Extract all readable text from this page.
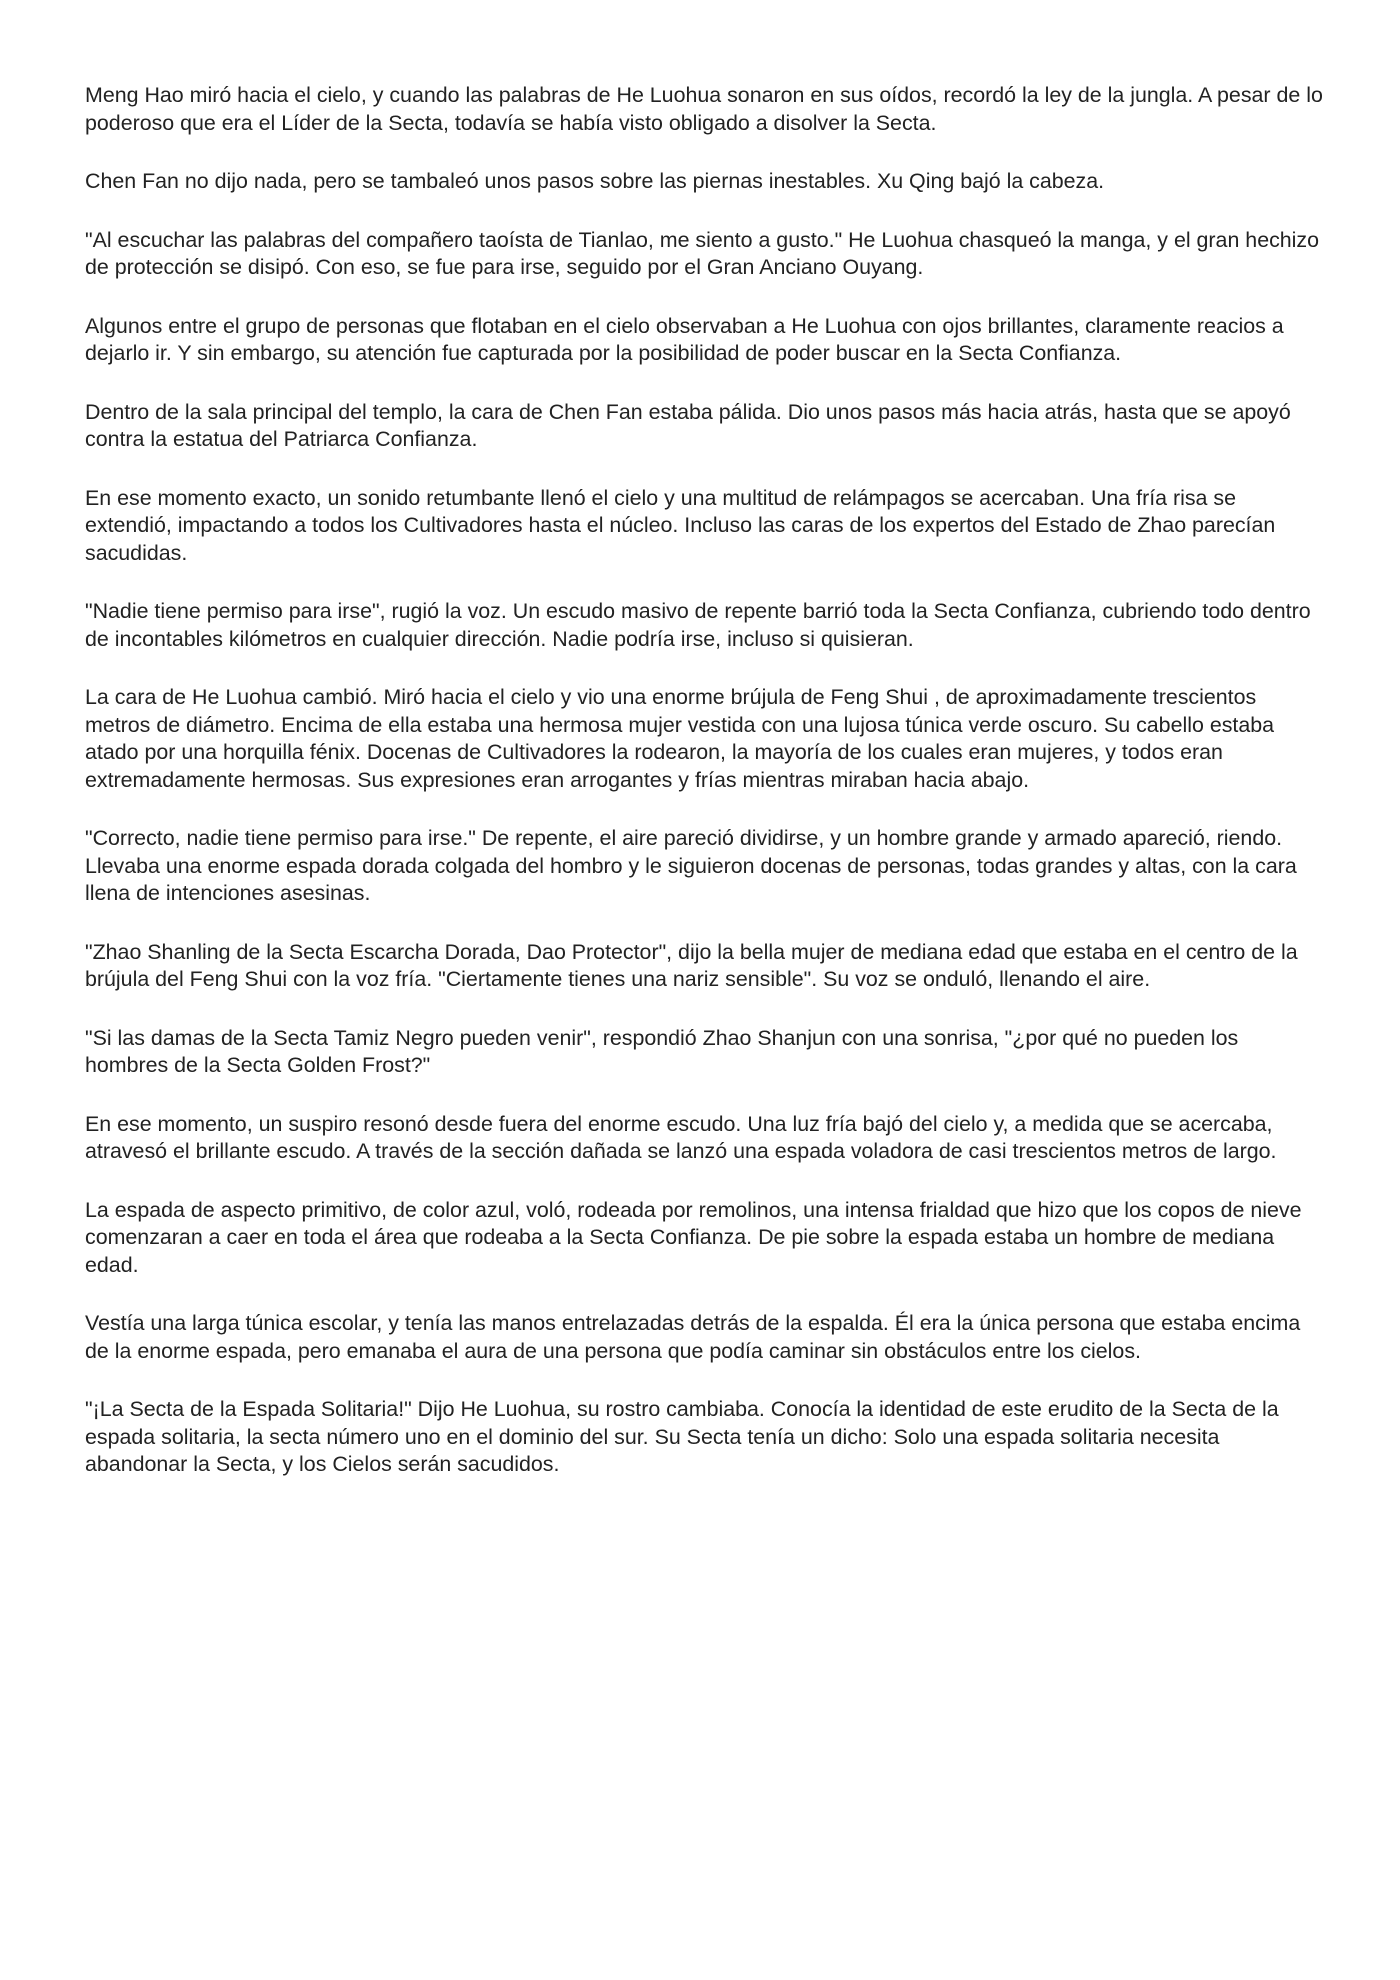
Meng Hao miró hacia el cielo, y cuando las palabras de He Luohua sonaron en sus oídos, recordó la ley de la jungla. A pesar de lo poderoso que era el Líder de la Secta, todavía se había visto obligado a disolver la Secta.

Chen Fan no dijo nada, pero se tambaleó unos pasos sobre las piernas inestables. Xu Qing bajó la cabeza.

"Al escuchar las palabras del compañero taoísta de Tianlao, me siento a gusto." He Luohua chasqueó la manga, y el gran hechizo de protección se disipó. Con eso, se fue para irse, seguido por el Gran Anciano Ouyang.

Algunos entre el grupo de personas que flotaban en el cielo observaban a He Luohua con ojos brillantes, claramente reacios a dejarlo ir. Y sin embargo, su atención fue capturada por la posibilidad de poder buscar en la Secta Confianza.

Dentro de la sala principal del templo, la cara de Chen Fan estaba pálida. Dio unos pasos más hacia atrás, hasta que se apoyó contra la estatua del Patriarca Confianza.

En ese momento exacto, un sonido retumbante llenó el cielo y una multitud de relámpagos se acercaban. Una fría risa se extendió, impactando a todos los Cultivadores hasta el núcleo. Incluso las caras de los expertos del Estado de Zhao parecían sacudidas.

"Nadie tiene permiso para irse", rugió la voz. Un escudo masivo de repente barrió toda la Secta Confianza, cubriendo todo dentro de incontables kilómetros en cualquier dirección. Nadie podría irse, incluso si quisieran.

La cara de He Luohua cambió. Miró hacia el cielo y vio una enorme brújula de Feng Shui , de aproximadamente trescientos metros de diámetro. Encima de ella estaba una hermosa mujer vestida con una lujosa túnica verde oscuro. Su cabello estaba atado por una horquilla fénix. Docenas de Cultivadores la rodearon, la mayoría de los cuales eran mujeres, y todos eran extremadamente hermosas. Sus expresiones eran arrogantes y frías mientras miraban hacia abajo.

"Correcto, nadie tiene permiso para irse." De repente, el aire pareció dividirse, y un hombre grande y armado apareció, riendo. Llevaba una enorme espada dorada colgada del hombro y le siguieron docenas de personas, todas grandes y altas, con la cara llena de intenciones asesinas.

"Zhao Shanling de la Secta Escarcha Dorada, Dao Protector", dijo la bella mujer de mediana edad que estaba en el centro de la brújula del Feng Shui con la voz fría. "Ciertamente tienes una nariz sensible". Su voz se onduló, llenando el aire.

"Si las damas de la Secta Tamiz Negro pueden venir", respondió Zhao Shanjun con una sonrisa, "¿por qué no pueden los hombres de la Secta Golden Frost?"

En ese momento, un suspiro resonó desde fuera del enorme escudo. Una luz fría bajó del cielo y, a medida que se acercaba, atravesó el brillante escudo. A través de la sección dañada se lanzó una espada voladora de casi trescientos metros de largo.

La espada de aspecto primitivo, de color azul, voló, rodeada por remolinos, una intensa frialdad que hizo que los copos de nieve comenzaran a caer en toda el área que rodeaba a la Secta Confianza. De pie sobre la espada estaba un hombre de mediana edad.

Vestía una larga túnica escolar, y tenía las manos entrelazadas detrás de la espalda. Él era la única persona que estaba encima de la enorme espada, pero emanaba el aura de una persona que podía caminar sin obstáculos entre los cielos.

"¡La Secta de la Espada Solitaria!" Dijo He Luohua, su rostro cambiaba. Conocía la identidad de este erudito de la Secta de la espada solitaria, la secta número uno en el dominio del sur. Su Secta tenía un dicho: Solo una espada solitaria necesita abandonar la Secta, y los Cielos serán sacudidos.
